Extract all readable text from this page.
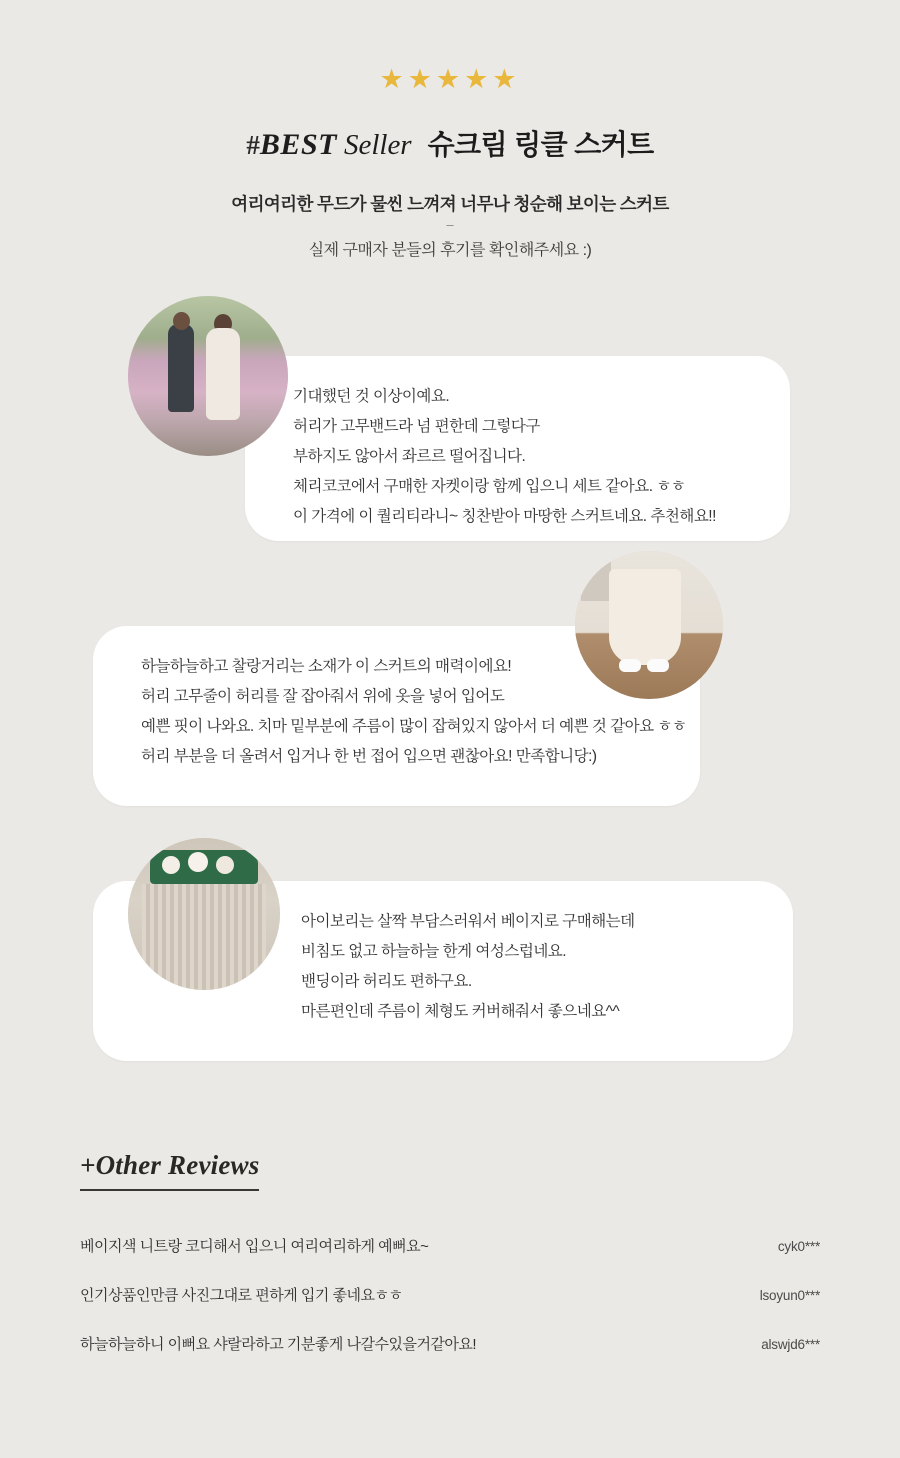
★★★★★
#BEST Seller 슈크림 링클 스커트
여리여리한 무드가 물씬 느껴져 너무나 청순해 보이는 스커트
–
실제 구매자 분들의 후기를 확인해주세요 :)

기대했던 것 이상이예요.

허리가 고무밴드라 넘 편한데 그렇다구

부하지도 않아서 좌르르 떨어집니다.

체리코코에서 구매한 자켓이랑 함께 입으니 세트 같아요. ㅎㅎ

이 가격에 이 퀄리티라니~ 칭찬받아 마땅한 스커트네요. 추천해요!!

하늘하늘하고 찰랑거리는 소재가 이 스커트의 매력이에요!

허리 고무줄이 허리를 잘 잡아줘서 위에 옷을 넣어 입어도

예쁜 핏이 나와요. 치마 밑부분에 주름이 많이 잡혀있지 않아서 더 예쁜 것 같아요 ㅎㅎ

허리 부분을 더 올려서 입거나 한 번 접어 입으면 괜찮아요! 만족합니당:)

아이보리는 살짝 부담스러워서 베이지로 구매해는데

비침도 없고 하늘하늘 한게 여성스럽네요.

밴딩이라 허리도 편하구요.

마른편인데 주름이 체형도 커버해줘서 좋으네요^^

+Other Reviews
베이지색 니트랑 코디해서 입으니 여리여리하게 예뻐요~	cyk0***
인기상품인만큼 사진그대로 편하게 입기 좋네요ㅎㅎ	lsoyun0***
하늘하늘하니 이뻐요 샤랄라하고 기분좋게 나갈수있을거같아요!	alswjd6***
